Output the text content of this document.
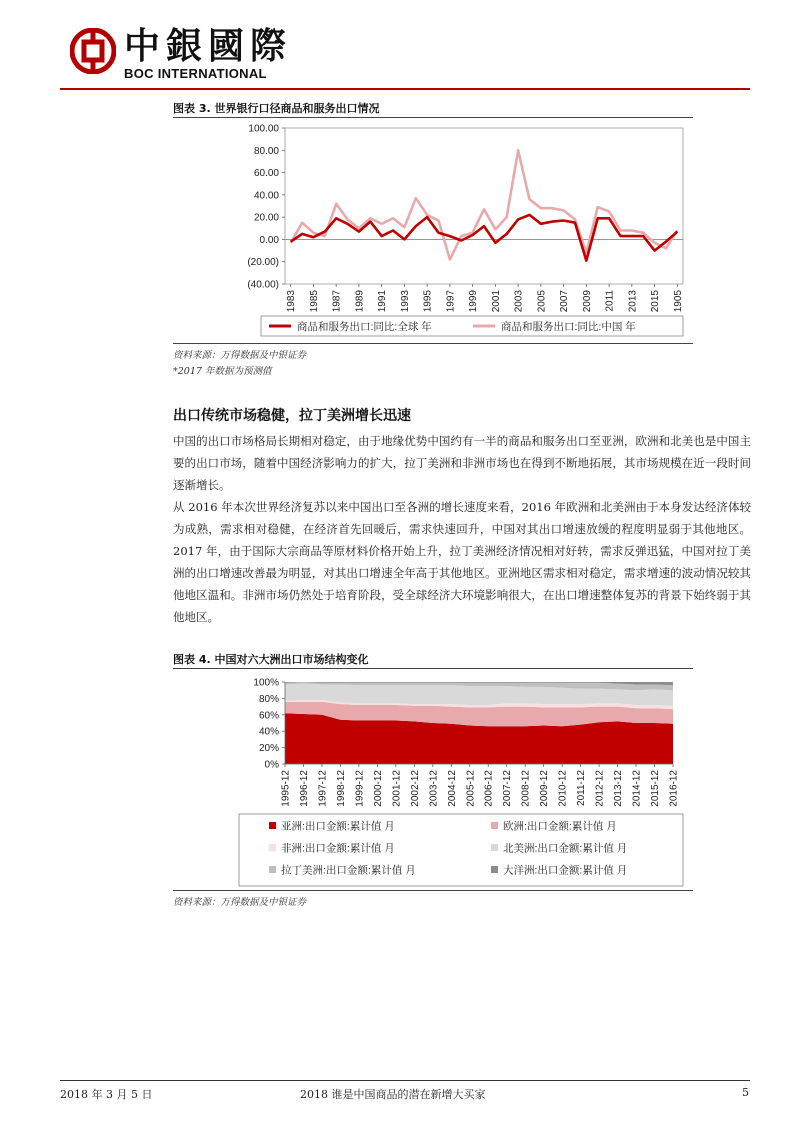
中銀國際
BOC INTERNATIONAL
图表 3. 世界银行口径商品和服务出口情况
100.00
80.00
60.00
40.00
20.00
0.00
(20.00)
(40.00)
1983 1985 1987 1989 1991 1993 1995 1997 1999 2001 2003 2005 2007 2009 2011 2013 2015 1905
商品和服务出口:同比:全球 年	商品和服务出口:同比:中国 年
资料来源：万得数据及中银证券
*2017 年数据为预测值
出口传统市场稳健，拉丁美洲增长迅速
中国的出口市场格局长期相对稳定，由于地缘优势中国约有一半的商品和服务出口至亚洲，欧洲和北美也是中国主要的出口市场，随着中国经济影响力的扩大，拉丁美洲和非洲市场也在得到不断地拓展，其市场规模在近一段时间逐渐增长。
从 2016 年本次世界经济复苏以来中国出口至各洲的增长速度来看，2016 年欧洲和北美洲由于本身发达经济体较为成熟，需求相对稳健，在经济首先回暖后，需求快速回升，中国对其出口增速放缓的程度明显弱于其他地区。2017 年，由于国际大宗商品等原材料价格开始上升，拉丁美洲经济情况相对好转，需求反弹迅猛，中国对拉丁美洲的出口增速改善最为明显，对其出口增速全年高于其他地区。亚洲地区需求相对稳定，需求增速的波动情况较其他地区温和。非洲市场仍然处于培育阶段，受全球经济大环境影响很大，在出口增速整体复苏的背景下始终弱于其他地区。
图表 4. 中国对六大洲出口市场结构变化
100%
80%
60%
40%
20%
0%
1995-12 1996-12 1997-12 1998-12 1999-12 2000-12 2001-12 2002-12 2003-12 2004-12 2005-12 2006-12 2007-12 2008-12 2009-12 2010-12 2011-12 2012-12 2013-12 2014-12 2015-12 2016-12
亚洲:出口金额:累计值 月	欧洲:出口金额:累计值 月
非洲:出口金额:累计值 月	北美洲:出口金额:累计值 月
拉丁美洲:出口金额:累计值 月	大洋洲:出口金额:累计值 月
资料来源：万得数据及中银证券
2018 年 3 月 5 日	2018 谁是中国商品的潜在新增大买家	5
